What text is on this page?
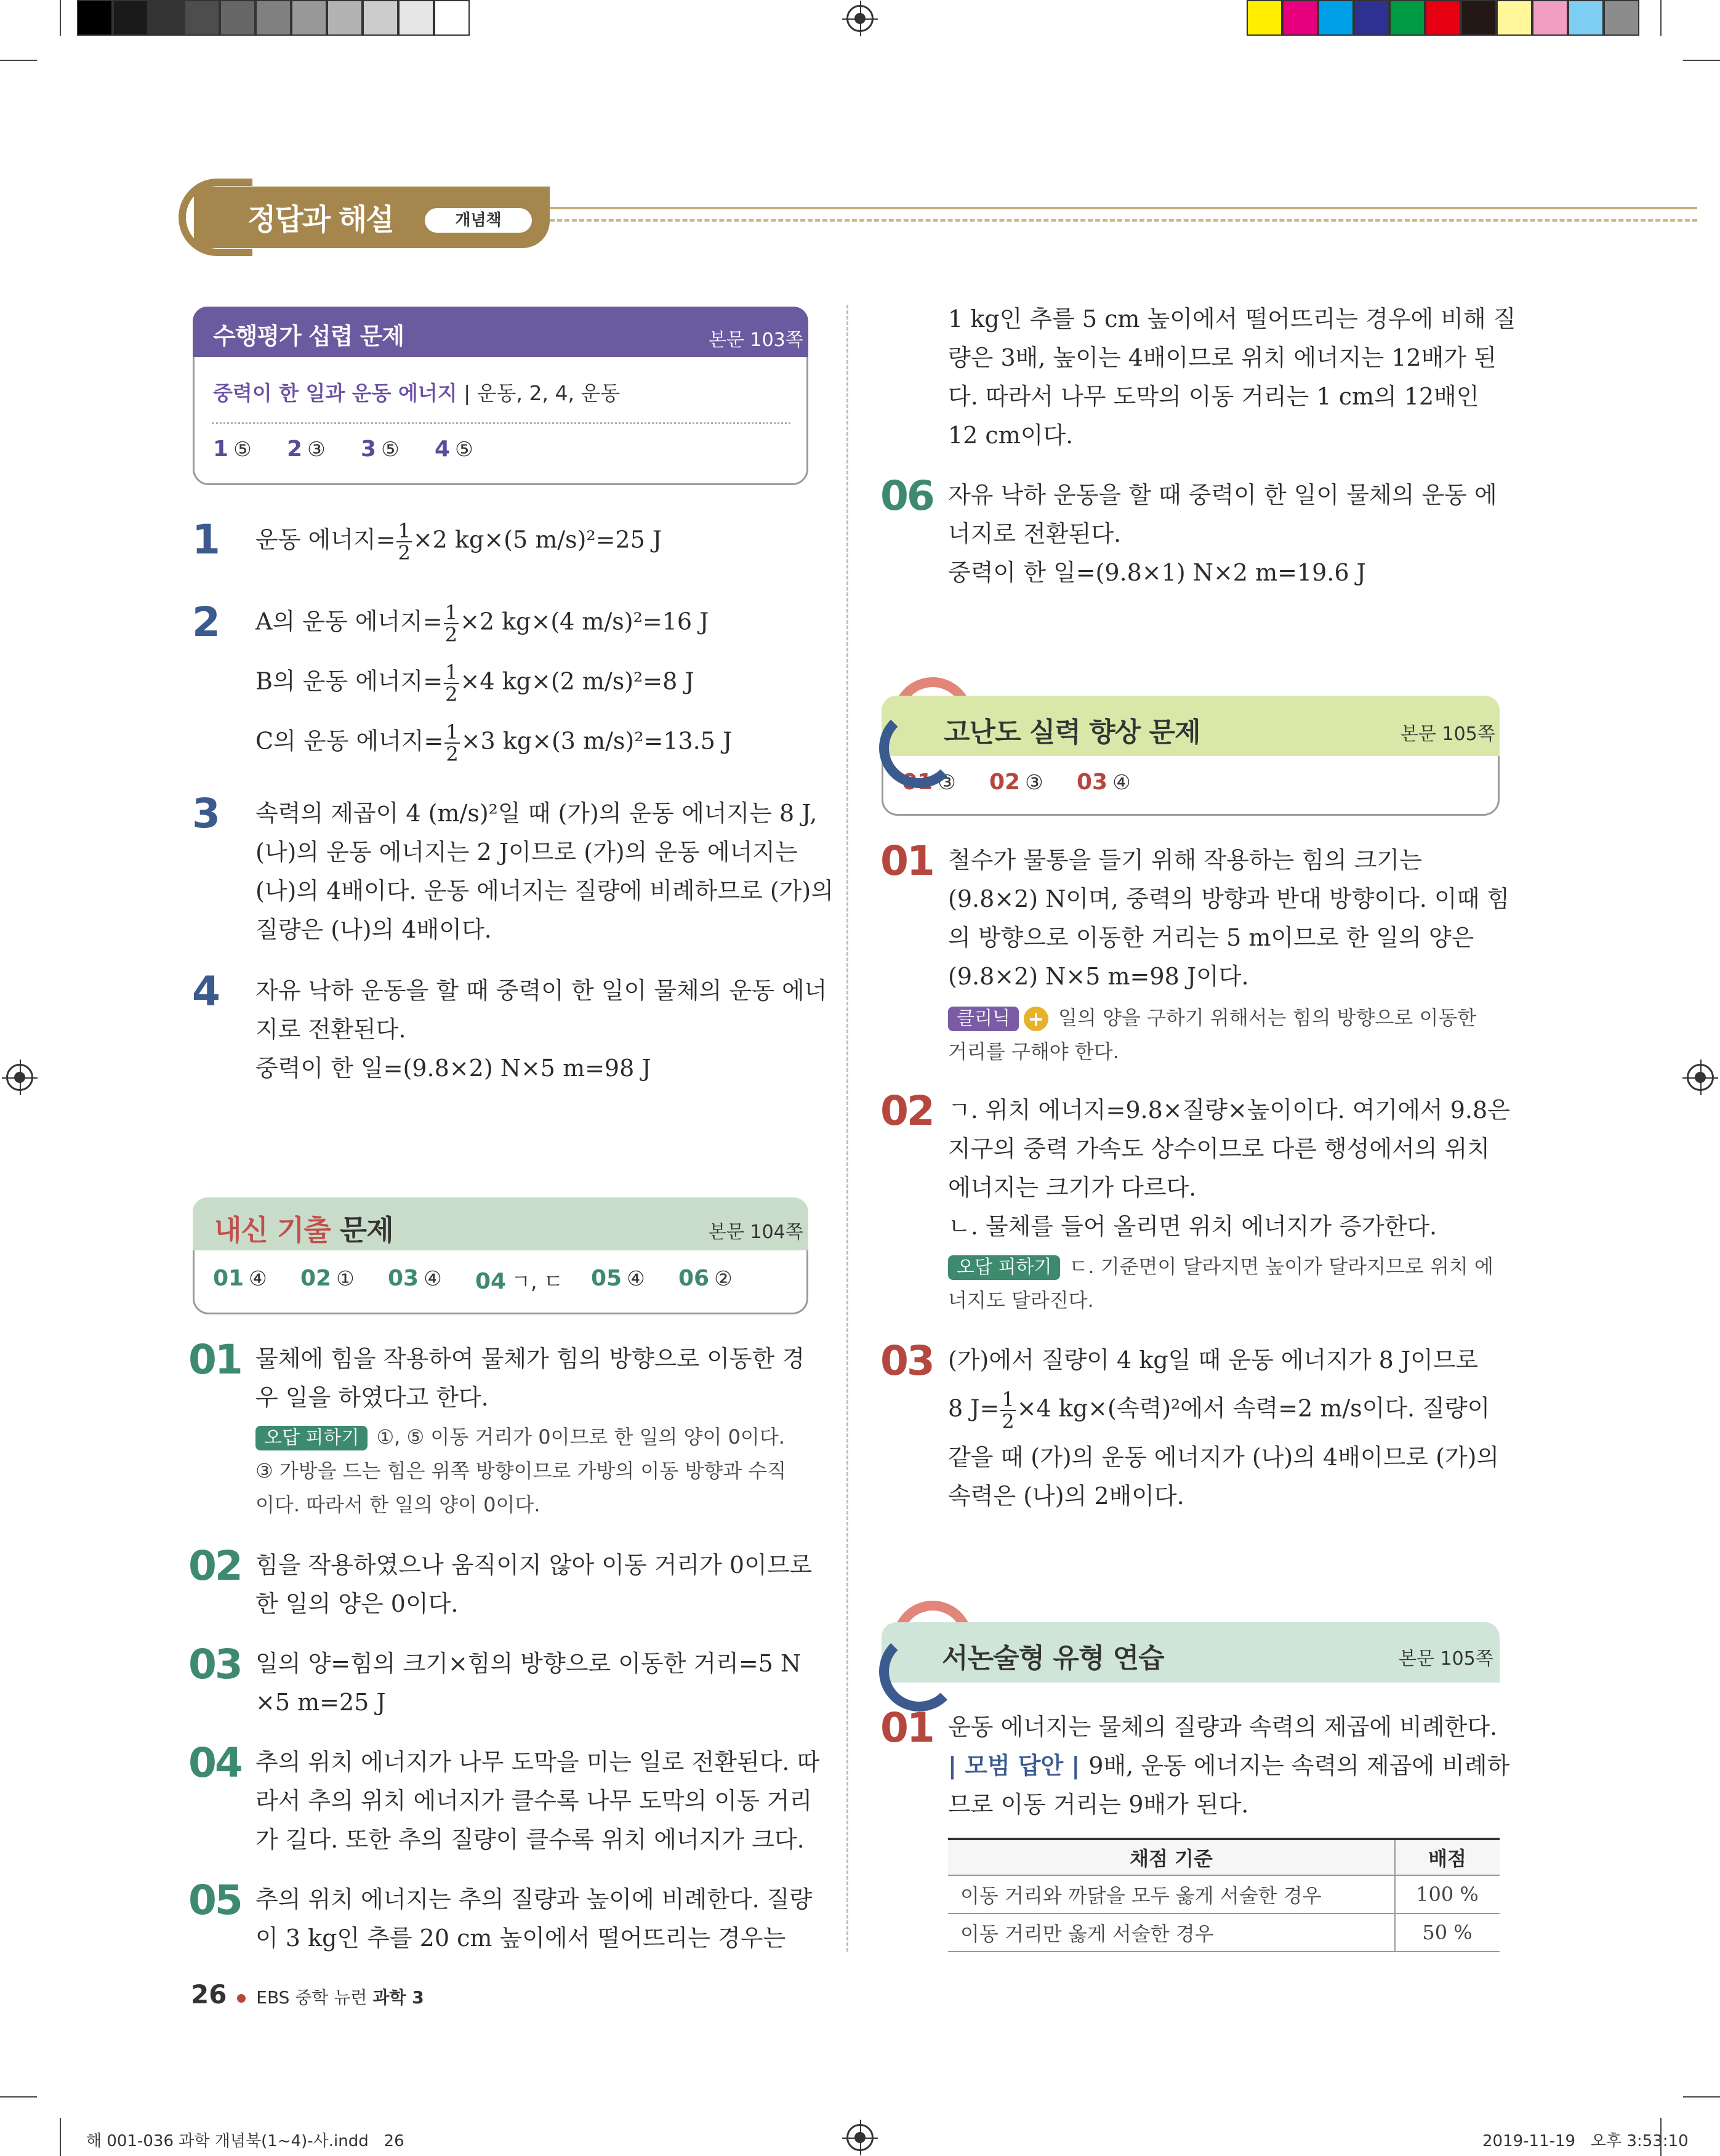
정답과 해설	개념책
수행평가 섭렵 문제	본문 103쪽
중력이 한 일과 운동 에너지 | 운동, 2, 4, 운동
1 ⑤ 2 ③ 3 ⑤ 4 ⑤
1 운동 에너지= $\frac{1}{2} \times 2$ kg×(5 m/s)²=25 J
2 A의 운동 에너지= $\frac{1}{2} \times 2$ kg×(4 m/s)²=16 J
B의 운동 에너지= $\frac{1}{2} \times 4$ kg×(2 m/s)²=8 J
C의 운동 에너지= $\frac{1}{2} \times 3$ kg×(3 m/s)²=13.5 J
3 속력의 제곱이 4 (m/s)²일 때 (가)의 운동 에너지는 8 J,
(나)의 운동 에너지는 2 J이므로 (가)의 운동 에너지는
(나)의 4배이다. 운동 에너지는 질량에 비례하므로 (가)의
질량은 (나)의 4배이다.
4 자유 낙하 운동을 할 때 중력이 한 일이 물체의 운동 에너
지로 전환된다.
중력이 한 일=(9.8×2) N×5 m=98 J
내신 기출 문제	본문 104쪽
01 ④ 02 ① 03 ④ 04 ㄱ, ㄷ 05 ④ 06 ②
01 물체에 힘을 작용하여 물체가 힘의 방향으로 이동한 경
우 일을 하였다고 한다.
오답 피하기 ①, ⑤ 이동 거리가 0이므로 한 일의 양이 0이다.
③ 가방을 드는 힘은 위쪽 방향이므로 가방의 이동 방향과 수직
이다. 따라서 한 일의 양이 0이다.
02 힘을 작용하였으나 움직이지 않아 이동 거리가 0이므로
한 일의 양은 0이다.
03 일의 양=힘의 크기×힘의 방향으로 이동한 거리=5 N
×5 m=25 J
04 추의 위치 에너지가 나무 도막을 미는 일로 전환된다. 따
라서 추의 위치 에너지가 클수록 나무 도막의 이동 거리
가 길다. 또한 추의 질량이 클수록 위치 에너지가 크다.
05 추의 위치 에너지는 추의 질량과 높이에 비례한다. 질량
이 3 kg인 추를 20 cm 높이에서 떨어뜨리는 경우는
1 kg인 추를 5 cm 높이에서 떨어뜨리는 경우에 비해 질
량은 3배, 높이는 4배이므로 위치 에너지는 12배가 된
다. 따라서 나무 도막의 이동 거리는 1 cm의 12배인
12 cm이다.
06 자유 낙하 운동을 할 때 중력이 한 일이 물체의 운동 에
너지로 전환된다.
중력이 한 일=(9.8×1) N×2 m=19.6 J
고난도 실력 향상 문제	본문 105쪽
01 ③ 02 ③ 03 ④
01 철수가 물통을 들기 위해 작용하는 힘의 크기는
(9.8×2) N이며, 중력의 방향과 반대 방향이다. 이때 힘
의 방향으로 이동한 거리는 5 m이므로 한 일의 양은
(9.8×2) N×5 m=98 J이다.
클리닉 + 일의 양을 구하기 위해서는 힘의 방향으로 이동한
거리를 구해야 한다.
02 ㄱ. 위치 에너지=9.8×질량×높이이다. 여기에서 9.8은
지구의 중력 가속도 상수이므로 다른 행성에서의 위치
에너지는 크기가 다르다.
ㄴ. 물체를 들어 올리면 위치 에너지가 증가한다.
오답 피하기 ㄷ. 기준면이 달라지면 높이가 달라지므로 위치 에
너지도 달라진다.
03 (가)에서 질량이 4 kg일 때 운동 에너지가 8 J이므로
8 $J= \frac{1}{2} \times 4$ kg×(속력)²에서 속력=2 m/s이다. 질량이
같을 때 (가)의 운동 에너지가 (나)의 4배이므로 (가)의
속력은 (나)의 2배이다.
서논술형 유형 연습	본문 105쪽
01 운동 에너지는 물체의 질량과 속력의 제곱에 비례한다.
| 모범 답안 | 9배, 운동 에너지는 속력의 제곱에 비례하
므로 이동 거리는 9배가 된다.
채점 기준	배점
이동 거리와 까닭을 모두 옳게 서술한 경우	100 %
이동 거리만 옳게 서술한 경우	50 %
26 EBS 중학 뉴런 과학 3
해 001-036 과학 개념북(1~4)-사.indd   26	2019-11-19   오후 3:53:10
